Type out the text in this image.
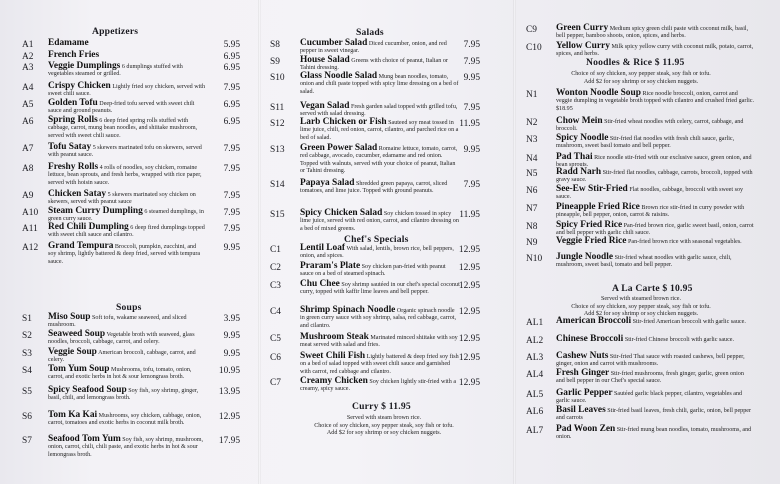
Appetizers
A1 Edamame	5.95
A2 French Fries	6.95
A3 Veggie Dumplings 6 dumplings stuffed with vegetables steamed or grilled.
6.95
A4 Crispy Chicken Lightly fried soy chicken, served with sweet chili sauce.
7.95
A5 Golden Tofu Deep-fried tofu served with sweet chili sauce and ground peanuts.
6.95
A6 Spring Rolls 6 deep fried spring rolls stuffed with cabbage, carrot, mung bean noodles, and shiitake mushroom, served with sweet chili sauce.
6.95
A7 Tofu Satay 5 skewers marinated tofu on skewers, served with peanut sauce.
7.95
A8 Freshy Rolls 4 rolls of noodles, soy chicken, romaine lettuce, bean sprouts, and fresh herbs, wrapped with rice paper, served with hoisin sauce.
7.95
A9 Chicken Satay 5 skewers marinated soy chicken on skewers, served with peanut sauce
7.95
A10 Steam Curry Dumpling 6 steamed dumplings, in green curry sauce.
7.95
A11 Red Chili Dumpling 6 deep fired dumplings topped with sweet chili sauce and cilantro.
7.95
A12 Grand Tempura Broccoli, pumpkin, zucchini, and soy shrimp, lightly battered & deep fried, served with tempura sauce.
9.95
Soups
S1 Miso Soup Soft tofu, wakame seaweed, and sliced mushroom.
3.95
S2 Seaweed Soup Vegetable broth with seaweed, glass noodles, broccoli, cabbage, carrot, and celery.
9.95
S3 Veggie Soup American broccoli, cabbage, carrot, and celery.
9.95
S4 Tom Yum Soup Mushrooms, tofu, tomato, onion, carrot, and exotic herbs in hot & sour lemongrass broth.
10.95
S5 Spicy Seafood Soup Soy fish, soy shrimp, ginger, basil, chili, and lemongrass broth.
13.95
S6 Tom Ka Kai Mushrooms, soy chicken, cabbage, onion, carrot, tomatoes and exotic herbs in coconut milk broth.
12.95
S7 Seafood Tom Yum Soy fish, soy shrimp, mushroom, onion, carrot, chili, chili paste, and exotic herbs in hot & sour lemongrass broth.
17.95
Salads
S8 Cucumber Salad Diced cucumber, onion, and red pepper in sweet vinegar.
7.95
S9 House Salad Greens with choice of peanut, Italian or Tahini dressing.
7.95
S10 Glass Noodle Salad Mung bean noodles, tomato, onion and chili paste topped with spicy lime dressing on a bed of salad.
9.95
S11 Vegan Salad Fresh garden salad topped with grilled tofu, served with salad dressing.
7.95
S12 Larb Chicken or Fish Sauteed soy meat tossed in lime juice, chili, red onion, carrot, cilantro, and parched rice on a bed of salad.
11.95
S13 Green Power Salad Romaine lettuce, tomato, carrot, red cabbage, avocado, cucumber, edamame and red onion. Topped with walnuts, served with your choice of peanut, Italian or Tahini dressing.
9.95
S14 Papaya Salad Shredded green papaya, carrot, sliced tomatoes, and lime juice. Topped with ground peanuts.
7.95
S15 Spicy Chicken Salad Soy chicken tossed in spicy lime juice, served with red onion, carrot, and cilantro dressing on a bed of mixed greens.
11.95
Chef's Specials
C1 Lentil Loaf With salad, lentils, brown rice, bell peppers, onion, and spices.
12.95
C2 Praram's Plate Soy chicken pan-fried with peanut sauce on a bed of steamed spinach.
12.95
C3 Chu Chee Soy shrimp sautéed in our chef's special coconut curry, topped with kaffir lime leaves and bell pepper.
12.95
C4 Shrimp Spinach Noodle Organic spinach noodle in green curry sauce with soy shrimp, salsa, red cabbage, carrot, and cilantro.
12.95
C5 Mushroom Steak Marinated minced shiitake with soy meat served with salad and fries.
12.95
C6 Sweet Chili Fish Lightly battered & deep fried soy fish on a bed of salad topped with sweet chili sauce and garnished with carrot, red cabbage and cilantro.
12.95
C7 Creamy Chicken Soy chicken lightly stir-fried with a creamy, spicy sauce.
12.95
Curry $ 11.95
Served with steam brown rice.
Choice of soy chicken, soy pepper steak, soy fish or tofu.
Add $2 for soy shrimp or soy chicken nuggets.
C9 Green Curry Medium spicy green chili paste with coconut milk, basil, bell pepper, bamboo shoots, onion, spices, and herbs.
C10 Yellow Curry Milk spicy yellow curry with coconut milk, potato, carrot, spices, and herbs.
Noodles & Rice $ 11.95
Choice of soy chicken, soy pepper steak, soy fish or tofu.
Add $2 for soy shrimp or soy chicken nuggets.
N1 Wonton Noodle Soup Rice noodle broccoli, onion, carrot and veggie dumpling in vegetable broth topped with cilantro and crushed fried garlic. $18.95
N2 Chow Mein Stir-fried wheat noodles with celery, carrot, cabbage, and broccoli.
N3 Spicy Noodle Stir-fried flat noodles with fresh chili sauce, garlic, mushroom, sweet basil tomato and bell pepper.
N4 Pad Thai Rice noodle stir-fried with our exclusive sauce, green onion, and bean sprouts.
N5 Radd Narh Stir-fried flat noodles, cabbage, carrots, broccoli, topped with gravy sauce.
N6 See-Ew Stir-Fried Flat noodles, cabbage, broccoli with sweet soy sauce.
N7 Pineapple Fried Rice Brown rice stir-fried in curry powder with pineapple, bell pepper, onion, carrot & raisins.
N8 Spicy Fried Rice Pan-fried brown rice, garlic sweet basil, onion, carrot and bell pepper with garlic chili sauce.
N9 Veggie Fried Rice Pan-fried brown rice with seasonal vegetables.
N10 Jungle Noodle Stir-fried wheat noodles with garlic sauce, chili, mushroom, sweet basil, tomato and bell pepper.
A La Carte $ 10.95
Served with steamed brown rice.
Choice of soy chicken, soy pepper steak, soy fish or tofu.
Add $2 for soy shrimp or soy chicken nuggets.
AL1 American Broccoli Stir-fried American broccoli with garlic sauce.
AL2 Chinese Broccoli Stir-fried Chinese broccoli with garlic sauce.
AL3 Cashew Nuts Stir-fried Thai sauce with roasted cashews, bell pepper, ginger, onion and carrot with mushrooms.
AL4 Fresh Ginger Stir-fried mushrooms, fresh ginger, garlic, green onion and bell pepper in our Chef's special sauce.
AL5 Garlic Pepper Sautéed garlic black pepper, cilantro, vegetables and garlic sauce.
AL6 Basil Leaves Stir-fried basil leaves, fresh chili, garlic, onion, bell pepper and carrots
AL7 Pad Woon Zen Stir-fried mung bean noodles, tomato, mushrooms, and onion.
